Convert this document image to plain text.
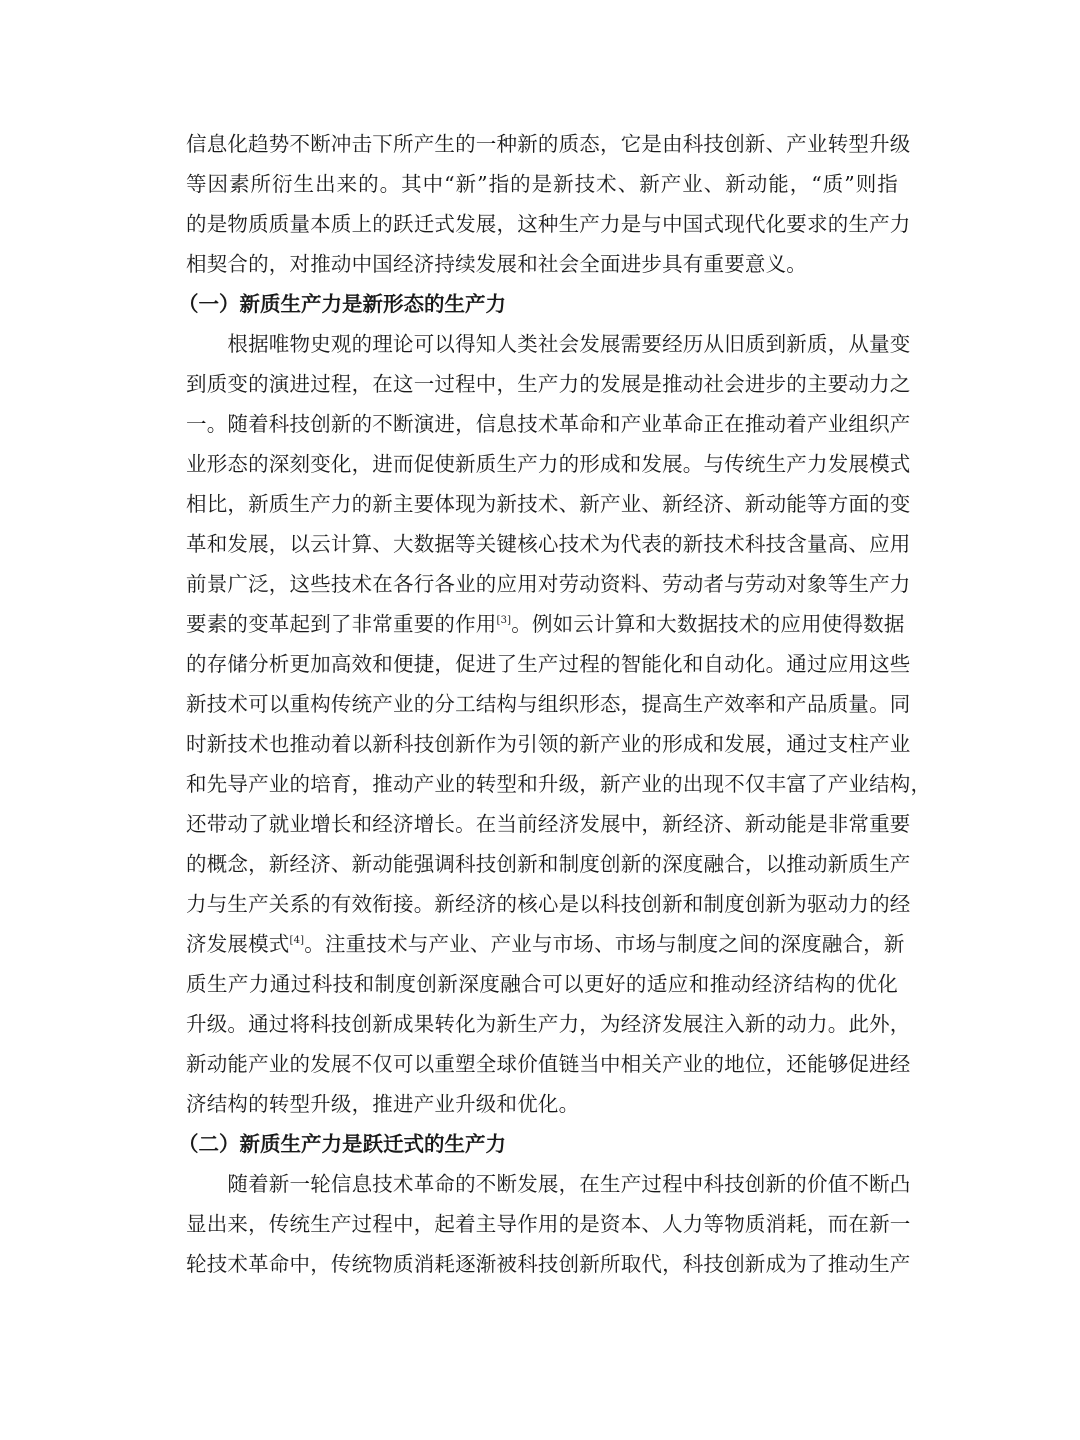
信息化趋势不断冲击下所产生的一种新的质态，它是由科技创新、产业转型升级
等因素所衍生出来的。其中“新”指的是新技术、新产业、新动能，“质”则指
的是物质质量本质上的跃迁式发展，这种生产力是与中国式现代化要求的生产力
相契合的，对推动中国经济持续发展和社会全面进步具有重要意义。
（一）新质生产力是新形态的生产力
　　根据唯物史观的理论可以得知人类社会发展需要经历从旧质到新质，从量变
到质变的演进过程，在这一过程中，生产力的发展是推动社会进步的主要动力之
一。随着科技创新的不断演进，信息技术革命和产业革命正在推动着产业组织产
业形态的深刻变化，进而促使新质生产力的形成和发展。与传统生产力发展模式
相比，新质生产力的新主要体现为新技术、新产业、新经济、新动能等方面的变
革和发展，以云计算、大数据等关键核心技术为代表的新技术科技含量高、应用
前景广泛，这些技术在各行各业的应用对劳动资料、劳动者与劳动对象等生产力
要素的变革起到了非常重要的作用[3]。例如云计算和大数据技术的应用使得数据
的存储分析更加高效和便捷，促进了生产过程的智能化和自动化。通过应用这些
新技术可以重构传统产业的分工结构与组织形态，提高生产效率和产品质量。同
时新技术也推动着以新科技创新作为引领的新产业的形成和发展，通过支柱产业
和先导产业的培育，推动产业的转型和升级，新产业的出现不仅丰富了产业结构，
还带动了就业增长和经济增长。在当前经济发展中，新经济、新动能是非常重要
的概念，新经济、新动能强调科技创新和制度创新的深度融合，以推动新质生产
力与生产关系的有效衔接。新经济的核心是以科技创新和制度创新为驱动力的经
济发展模式[4]。注重技术与产业、产业与市场、市场与制度之间的深度融合，新
质生产力通过科技和制度创新深度融合可以更好的适应和推动经济结构的优化
升级。通过将科技创新成果转化为新生产力，为经济发展注入新的动力。此外，
新动能产业的发展不仅可以重塑全球价值链当中相关产业的地位，还能够促进经
济结构的转型升级，推进产业升级和优化。
（二）新质生产力是跃迁式的生产力
　　随着新一轮信息技术革命的不断发展，在生产过程中科技创新的价值不断凸
显出来，传统生产过程中，起着主导作用的是资本、人力等物质消耗，而在新一
轮技术革命中，传统物质消耗逐渐被科技创新所取代，科技创新成为了推动生产
